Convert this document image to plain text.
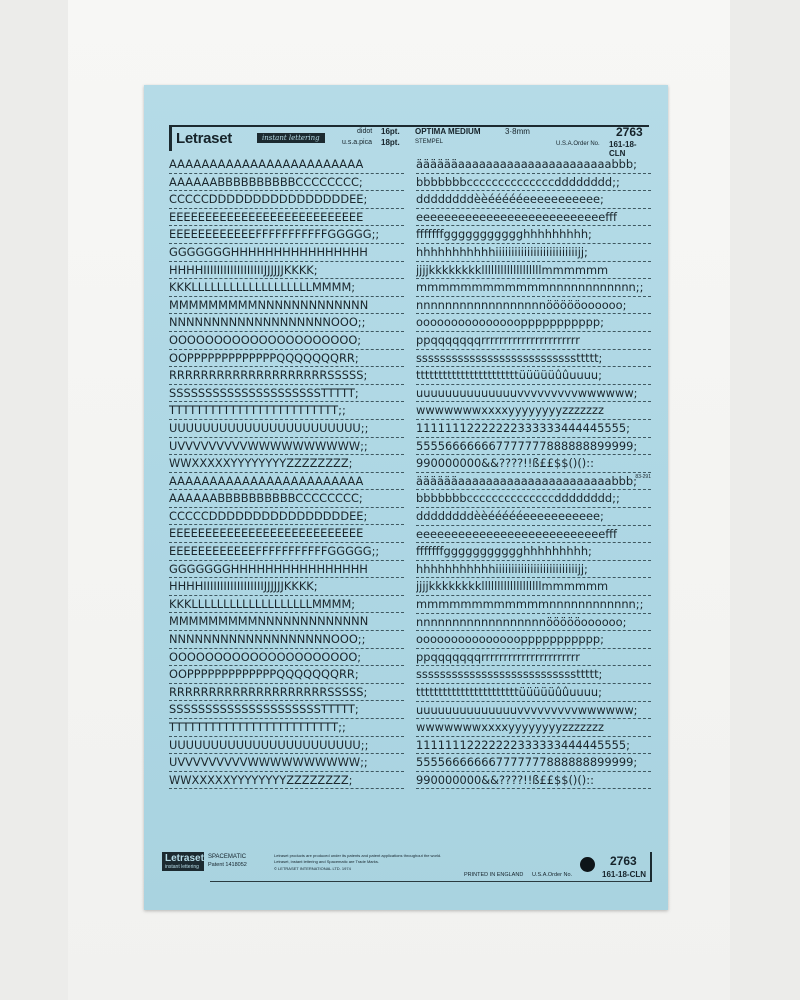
Letraset	instant lettering
didot 16pt.
u.s.a.pica 18pt.
OPTIMA MEDIUM
STEMPEL
3·8mm	2763
U.S.A.Order No. 161-18-CLN
AAAAAAAAAAAAAAAAAAAAAAAA
AAAAAABBBBBBBBBBCCCCCCCC;
CCCCCDDDDDDDDDDDDDDDDEE;
EEEEEEEEEEEEEEEEEEEEEEEEEEE
EEEEEEEEEEEEFFFFFFFFFFFGGGGG;;
GGGGGGGHHHHHHHHHHHHHHHH
HHHHIIIIIIIIIIIIIIIIIIJJJJJJKKKK;
KKKLLLLLLLLLLLLLLLLLLLMMMM;
MMMMMMMMMNNNNNNNNNNNNN
NNNNNNNNNNNNNNNNNNNOOO;;
OOOOOOOOOOOOOOOOOOOOO;
OOPPPPPPPPPPPPPQQQQQQQRR;
RRRRRRRRRRRRRRRRRRRRSSSSS;
SSSSSSSSSSSSSSSSSSSSSTTTTT;
TTTTTTTTTTTTTTTTTTTTTTTTT;;
UUUUUUUUUUUUUUUUUUUUUUU;;
UVVVVVVVVVWWWWWWWWWW;;
WWXXXXXYYYYYYYYZZZZZZZZ;
AAAAAAAAAAAAAAAAAAAAAAAA
AAAAAABBBBBBBBBBCCCCCCCC;
CCCCCDDDDDDDDDDDDDDDDEE;
EEEEEEEEEEEEEEEEEEEEEEEEEEE
EEEEEEEEEEEEFFFFFFFFFFFGGGGG;;
GGGGGGGHHHHHHHHHHHHHHHH
HHHHIIIIIIIIIIIIIIIIIIJJJJJJKKKK;
KKKLLLLLLLLLLLLLLLLLLLMMMM;
MMMMMMMMMNNNNNNNNNNNNN
NNNNNNNNNNNNNNNNNNNOOO;;
OOOOOOOOOOOOOOOOOOOOO;
OOPPPPPPPPPPPPPQQQQQQQRR;
RRRRRRRRRRRRRRRRRRRRSSSSS;
SSSSSSSSSSSSSSSSSSSSSTTTTT;
TTTTTTTTTTTTTTTTTTTTTTTTT;;
UUUUUUUUUUUUUUUUUUUUUUU;;
UVVVVVVVVVWWWWWWWWWW;;
WWXXXXXYYYYYYYYZZZZZZZZ;
ääääääaaaaaaaaaaaaaaaaaaaaaabbb;
bbbbbbbccccccccccccccdddddddd;;
ddddddddèèéééééeeeeeeeeeee;
eeeeeeeeeeeeeeeeeeeeeeeeeeefff
fffffffggggggggggghhhhhhhhh;
hhhhhhhhhhhiiiiiiiiiiiiiiiiiiiiiiiiiijj;
jjjjkkkkkkkklllllllllllllllllllmmmmmm
mmmmmmmmmmmmnnnnnnnnnnnn;;
nnnnnnnnnnnnnnnnnnöööööoooooo;
oooooooooooooooppppppppppp;
ppqqqqqqqrrrrrrrrrrrrrrrrrrrrrr
sssssssssssssssssssssssssssttttt;
tttttttttttttttttttttttüüüüüûûuuuu;
uuuuuuuuuuuuuuvvvvvvvvvwwwwww;
wwwwwwwxxxxyyyyyyyyzzzzzzz
11111112222222333333444445555;
555566666667777777888888899999;
990000000&&????!!ß££$$()()::
83-291
ääääääaaaaaaaaaaaaaaaaaaaaaabbb;
bbbbbbbccccccccccccccdddddddd;;
ddddddddèèéééééeeeeeeeeeee;
eeeeeeeeeeeeeeeeeeeeeeeeeeefff
fffffffggggggggggghhhhhhhhh;
hhhhhhhhhhhiiiiiiiiiiiiiiiiiiiiiiiiiijj;
jjjjkkkkkkkklllllllllllllllllllmmmmmm
mmmmmmmmmmmmnnnnnnnnnnnn;;
nnnnnnnnnnnnnnnnnnöööööoooooo;
oooooooooooooooppppppppppp;
ppqqqqqqqrrrrrrrrrrrrrrrrrrrrrr
sssssssssssssssssssssssssssttttt;
tttttttttttttttttttttttüüüüüûûuuuu;
uuuuuuuuuuuuuuvvvvvvvvvwwwwww;
wwwwwwwxxxxyyyyyyyyzzzzzzz
11111112222222333333444445555;
555566666667777777888888899999;
990000000&&????!!ß££$$()()::
Letraset
instant lettering
SPACEMATIC
Patent 1418052
Letraset products are produced under its patents and patent applications throughout the world.
Letraset, instant lettering and Spacematic are Trade Marks.
© LETRASET INTERNATIONAL LTD. 1974
PRINTED IN ENGLAND U.S.A.Order No.
2763
161-18-CLN
